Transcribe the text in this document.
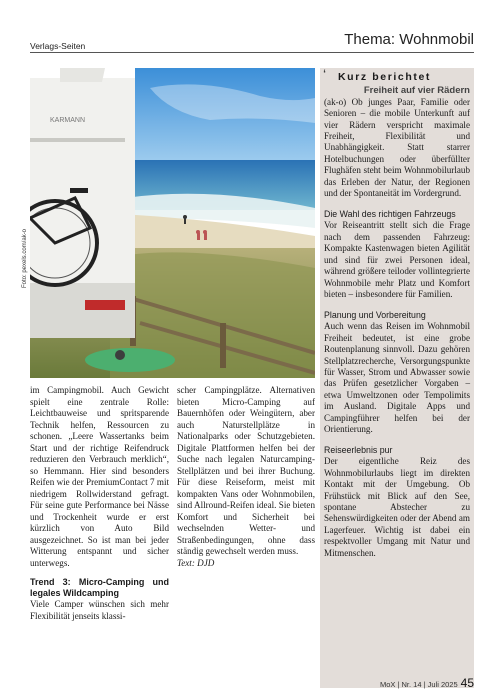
Verlags-Seiten	Thema: Wohnmobil
KARMANN
Foto: pexels.com/ak-o

im Campingmobil. Auch Gewicht spielt eine zentrale Rolle: Leichtbauweise und spritsparende Technik helfen, Ressourcen zu schonen. „Leere Wassertanks beim Start und der richtige Reifendruck reduzieren den Verbrauch merklich“, so Hemmann. Hier sind besonders Reifen wie der PremiumContact 7 mit niedrigem Rollwiderstand gefragt. Für seine gute Performance bei Nässe und Trockenheit wurde er erst kürzlich von Auto Bild ausgezeichnet. So ist man bei jeder Witterung entspannt und sicher unterwegs.

Trend 3: Micro-Camping und legales Wildcamping

Viele Camper wünschen sich mehr Flexibilität jenseits klassi-

scher Campingplätze. Alternativen bieten Micro-Camping auf Bauernhöfen oder Weingütern, aber auch Naturstellplätze in Nationalparks oder Schutzgebieten. Digitale Plattformen helfen bei der Suche nach legalen Naturcamping-Stellplätzen und bei ihrer Buchung. Für diese Reiseform, meist mit kompakten Vans oder Wohnmobilen, sind Allround-Reifen ideal. Sie bieten Komfort und Sicherheit bei wechselnden Wetter- und Straßenbedingungen, ohne dass ständig gewechselt werden muss.

Text: DJD

‘ Kurz berichtet
Freiheit auf vier Rädern

(ak-o) Ob junges Paar, Familie oder Senioren – die mobile Unterkunft auf vier Rädern verspricht maximale Freiheit, Flexibilität und Unabhängigkeit. Statt starrer Hotelbuchungen oder überfüllter Flughäfen steht beim Wohnmobilurlaub das Erleben der Natur, der Regionen und der Spontaneität im Vordergrund.

Die Wahl des richtigen Fahrzeugs

Vor Reiseantritt stellt sich die Frage nach dem passenden Fahrzeug: Kompakte Kastenwagen bieten Agilität und sind für zwei Personen ideal, während größere teiloder vollintegrierte Wohnmobile mehr Platz und Komfort bieten – insbesondere für Familien.

Planung und Vorbereitung

Auch wenn das Reisen im Wohnmobil Freiheit bedeutet, ist eine grobe Routenplanung sinnvoll. Dazu gehören Stellplatzrecherche, Versorgungspunkte für Wasser, Strom und Abwasser sowie das Prüfen gesetzlicher Vorgaben – etwa Umweltzonen oder Tempolimits im Ausland. Digitale Apps und Campingführer helfen bei der Orientierung.

Reiseerlebnis pur

Der eigentliche Reiz des Wohnmobilurlaubs liegt im direkten Kontakt mit der Umgebung. Ob Frühstück mit Blick auf den See, spontane Abstecher zu Sehenswürdigkeiten oder der Abend am Lagerfeuer. Wichtig ist dabei ein respektvoller Umgang mit Natur und Mitmenschen.

MoX | Nr. 14 | Juli 2025 45
